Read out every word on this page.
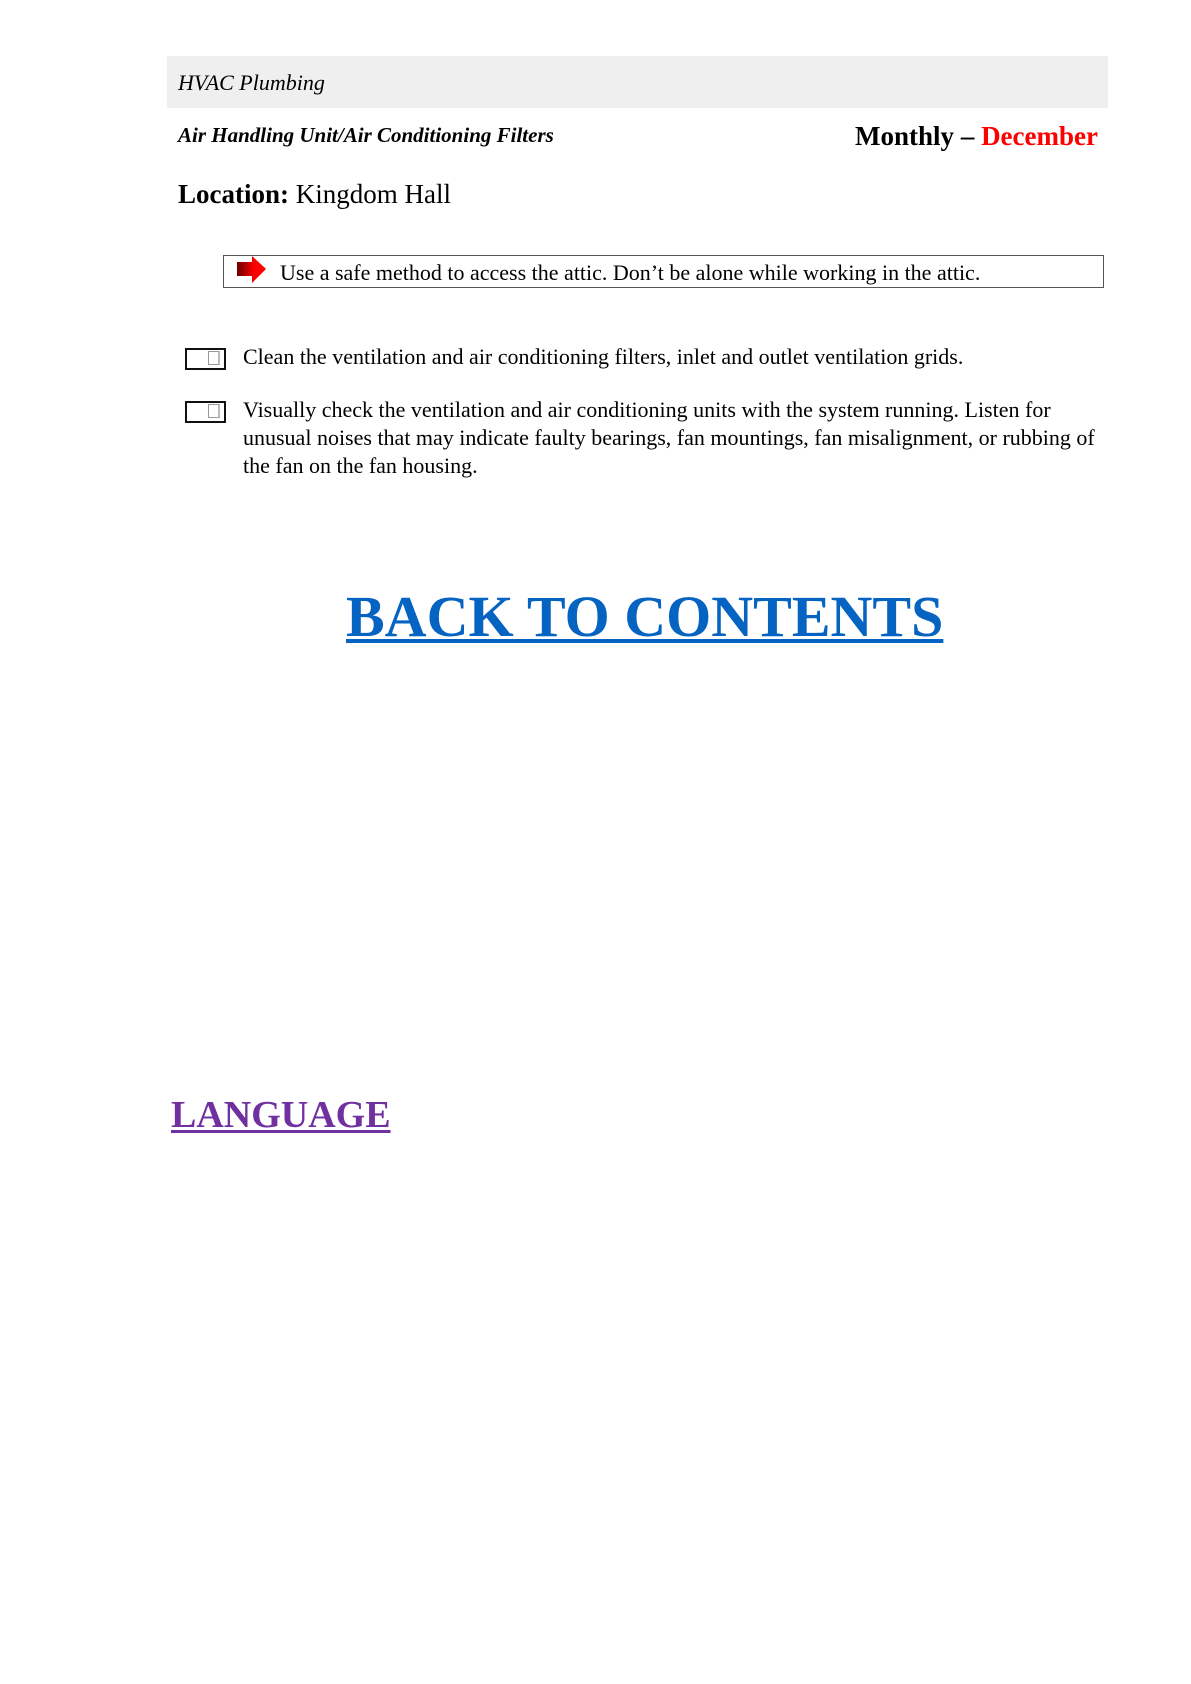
HVAC Plumbing
Air Handling Unit/Air Conditioning Filters	Monthly – December
Location: Kingdom Hall
Use a safe method to access the attic. Don’t be alone while working in the attic.
Clean the ventilation and air conditioning filters, inlet and outlet ventilation grids.
Visually check the ventilation and air conditioning units with the system running. Listen for unusual noises that may indicate faulty bearings, fan mountings, fan misalignment, or rubbing of the fan on the fan housing.
BACK TO CONTENTS
LANGUAGE
